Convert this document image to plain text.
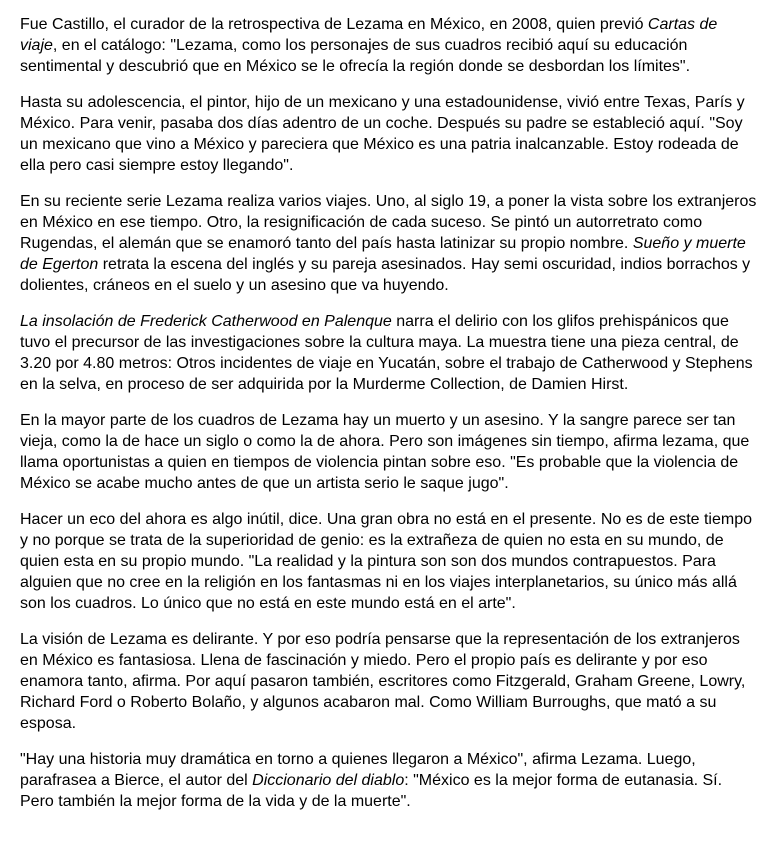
Fue Castillo, el curador de la retrospectiva de Lezama en México, en 2008, quien previó Cartas de viaje, en el catálogo: "Lezama, como los personajes de sus cuadros recibió aquí su educación sentimental y descubrió que en México se le ofrecía la región donde se desbordan los límites".

Hasta su adolescencia, el pintor, hijo de un mexicano y una estadounidense, vivió entre Texas, París y México. Para venir, pasaba dos días adentro de un coche. Después su padre se estableció aquí. "Soy un mexicano que vino a México y pareciera que México es una patria inalcanzable. Estoy rodeada de ella pero casi siempre estoy llegando".

En su reciente serie Lezama realiza varios viajes. Uno, al siglo 19, a poner la vista sobre los extranjeros en México en ese tiempo. Otro, la resignificación de cada suceso. Se pintó un autorretrato como Rugendas, el alemán que se enamoró tanto del país hasta latinizar su propio nombre. Sueño y muerte de Egerton retrata la escena del inglés y su pareja asesinados. Hay semi oscuridad, indios borrachos y dolientes, cráneos en el suelo y un asesino que va huyendo.

La insolación de Frederick Catherwood en Palenque narra el delirio con los glifos prehispánicos que tuvo el precursor de las investigaciones sobre la cultura maya. La muestra tiene una pieza central, de 3.20 por 4.80 metros: Otros incidentes de viaje en Yucatán, sobre el trabajo de Catherwood y Stephens en la selva, en proceso de ser adquirida por la Murderme Collection, de Damien Hirst.

En la mayor parte de los cuadros de Lezama hay un muerto y un asesino. Y la sangre parece ser tan vieja, como la de hace un siglo o como la de ahora. Pero son imágenes sin tiempo, afirma lezama, que llama oportunistas a quien en tiempos de violencia pintan sobre eso. "Es probable que la violencia de México se acabe mucho antes de que un artista serio le saque jugo".

Hacer un eco del ahora es algo inútil, dice. Una gran obra no está en el presente. No es de este tiempo y no porque se trata de la superioridad de genio: es la extrañeza de quien no esta en su mundo, de quien esta en su propio mundo. "La realidad y la pintura son son dos mundos contrapuestos. Para alguien que no cree en la religión en los fantasmas ni en los viajes interplanetarios, su único más allá son los cuadros. Lo único que no está en este mundo está en el arte".

La visión de Lezama es delirante. Y por eso podría pensarse que la representación de los extranjeros en México es fantasiosa. Llena de fascinación y miedo. Pero el propio país es delirante y por eso enamora tanto, afirma. Por aquí pasaron también, escritores como Fitzgerald, Graham Greene, Lowry, Richard Ford o Roberto Bolaño, y algunos acabaron mal. Como William Burroughs, que mató a su esposa.

"Hay una historia muy dramática en torno a quienes llegaron a México", afirma Lezama. Luego, parafrasea a Bierce, el autor del Diccionario del diablo: "México es la mejor forma de eutanasia. Sí. Pero también la mejor forma de la vida y de la muerte".
